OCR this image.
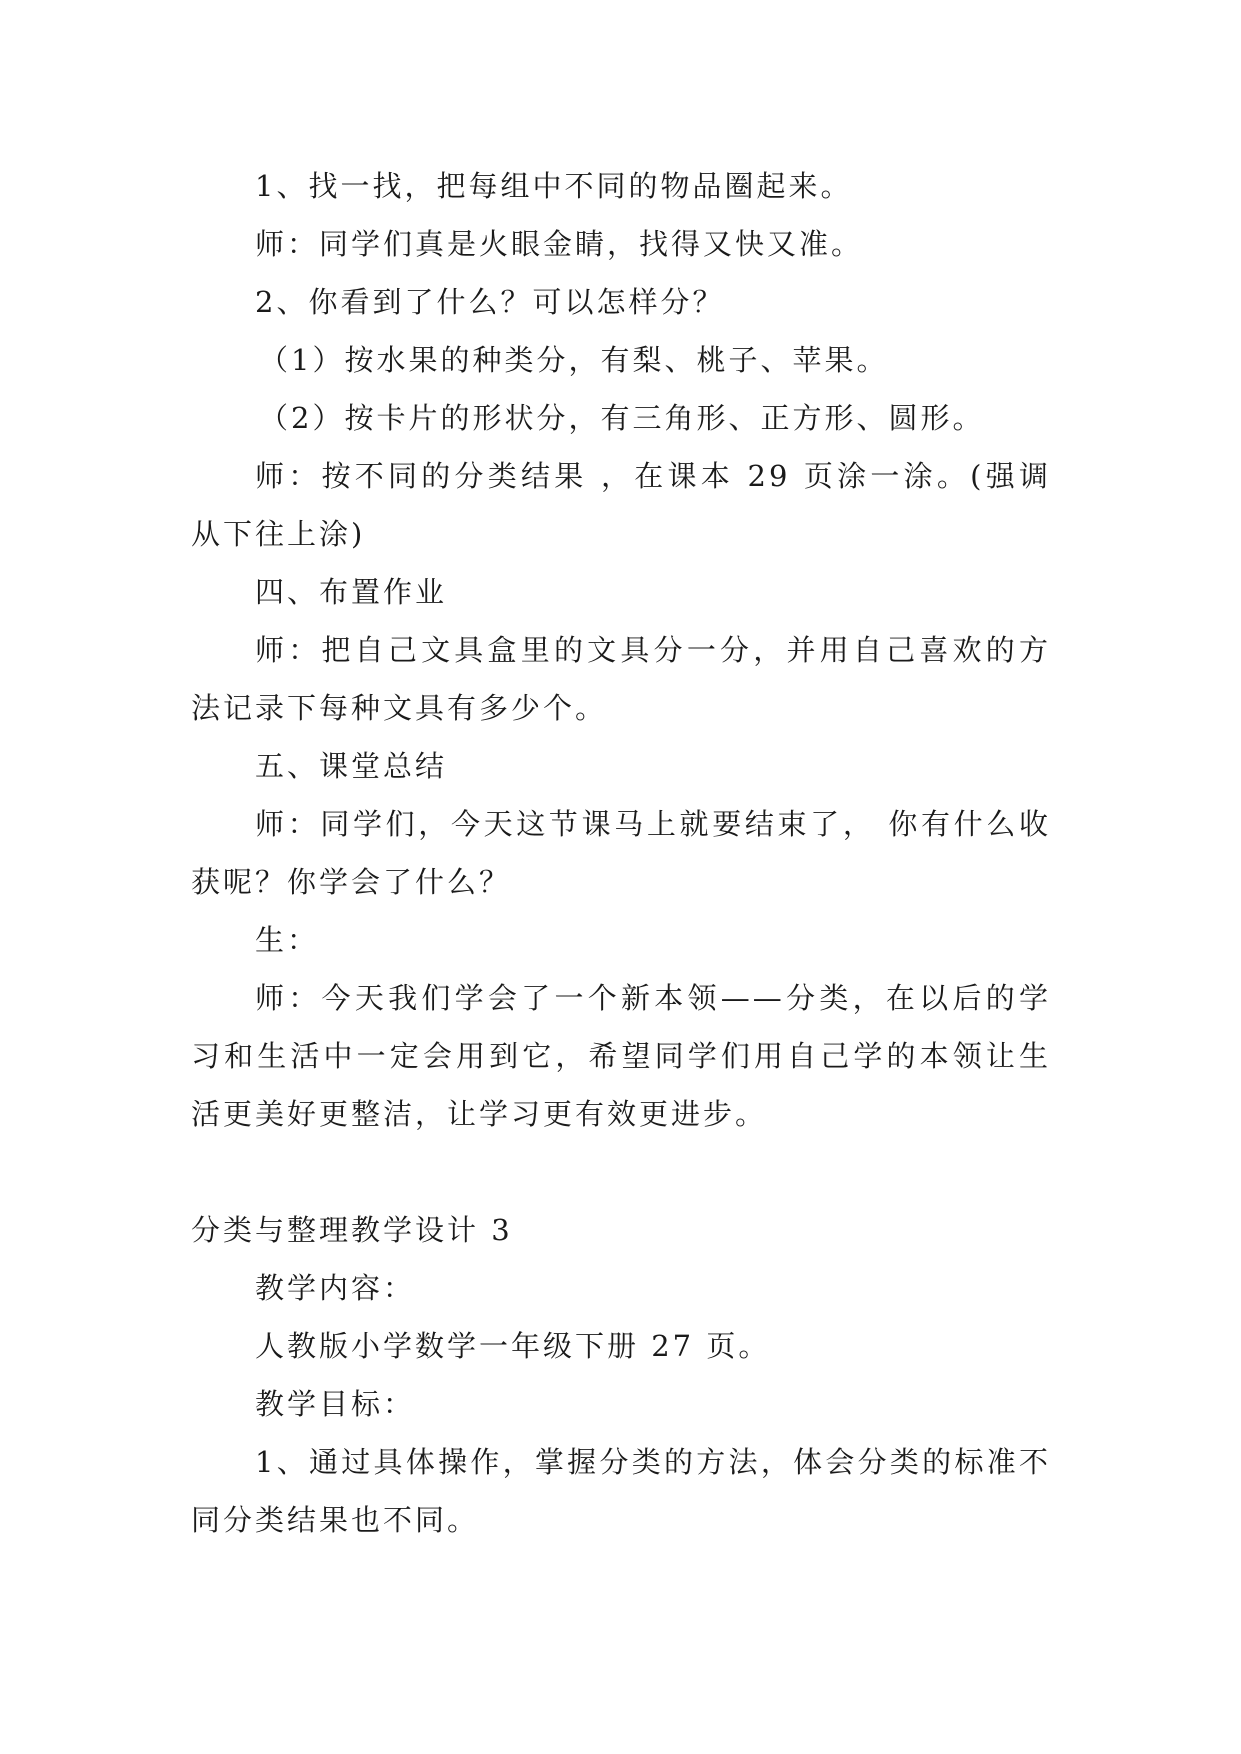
1、找一找，把每组中不同的物品圈起来。

师：同学们真是火眼金睛，找得又快又准。

2、你看到了什么？可以怎样分？

（1）按水果的种类分，有梨、桃子、苹果。

（2）按卡片的形状分，有三角形、正方形、圆形。

师：按不同的分类结果 ，在课本 29 页涂一涂。(强调从下往上涂)

四、布置作业

师：把自己文具盒里的文具分一分，并用自己喜欢的方法记录下每种文具有多少个。

五、课堂总结

师：同学们，今天这节课马上就要结束了， 你有什么收获呢？你学会了什么？

生：

师：今天我们学会了一个新本领——分类，在以后的学习和生活中一定会用到它，希望同学们用自己学的本领让生活更美好更整洁，让学习更有效更进步。

分类与整理教学设计 3

教学内容：

人教版小学数学一年级下册 27 页。

教学目标：

1、通过具体操作，掌握分类的方法，体会分类的标准不同分类结果也不同。
